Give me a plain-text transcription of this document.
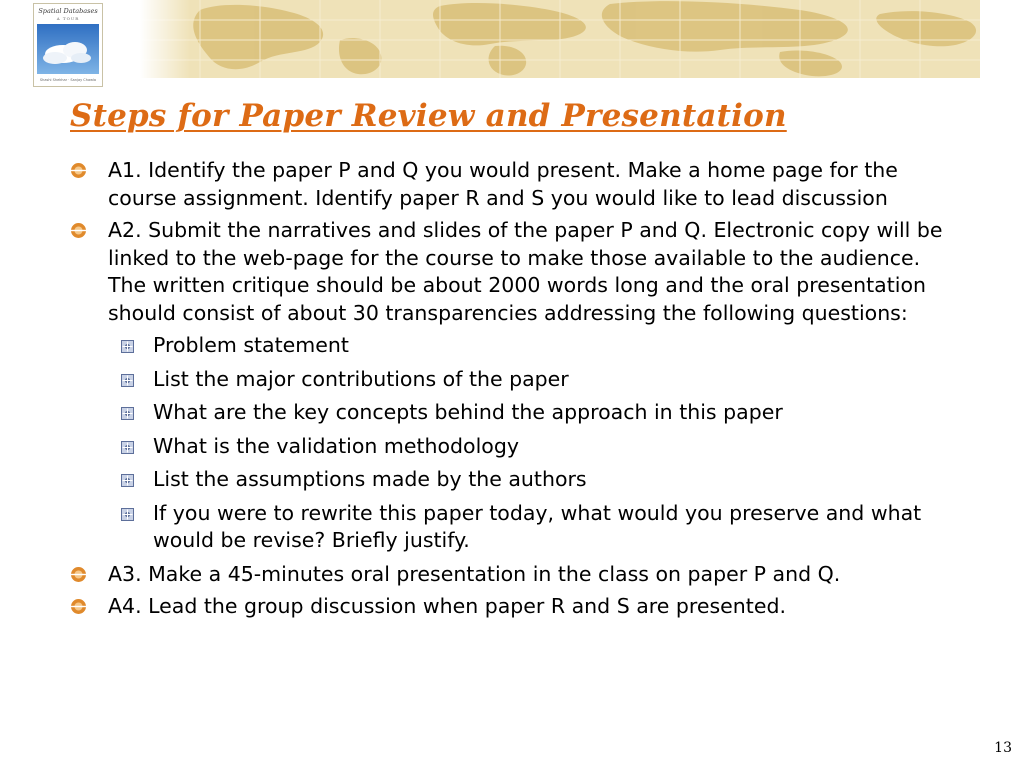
Spatial Databases
A TOUR
Shashi Shekhar · Sanjay Chawla
Steps for Paper Review and Presentation
A1. Identify the paper P and Q you would present. Make a home page for the course assignment. Identify paper R and S you would like to lead discussion
A2. Submit the narratives and slides of the paper P and Q. Electronic copy will be linked to the web-page for the course to make those available to the audience. The written critique should be about 2000 words long and the oral presentation should consist of about 30 transparencies addressing the following questions:
Problem statement
List the major contributions of the paper
What are the key concepts behind the approach in this paper
What is the validation methodology
List the assumptions made by the authors
If you were to rewrite this paper today, what would you preserve and what would be revise? Briefly justify.
A3. Make a 45-minutes oral presentation in the class on paper P and Q.
A4. Lead the group discussion when paper R and S are presented.
13
